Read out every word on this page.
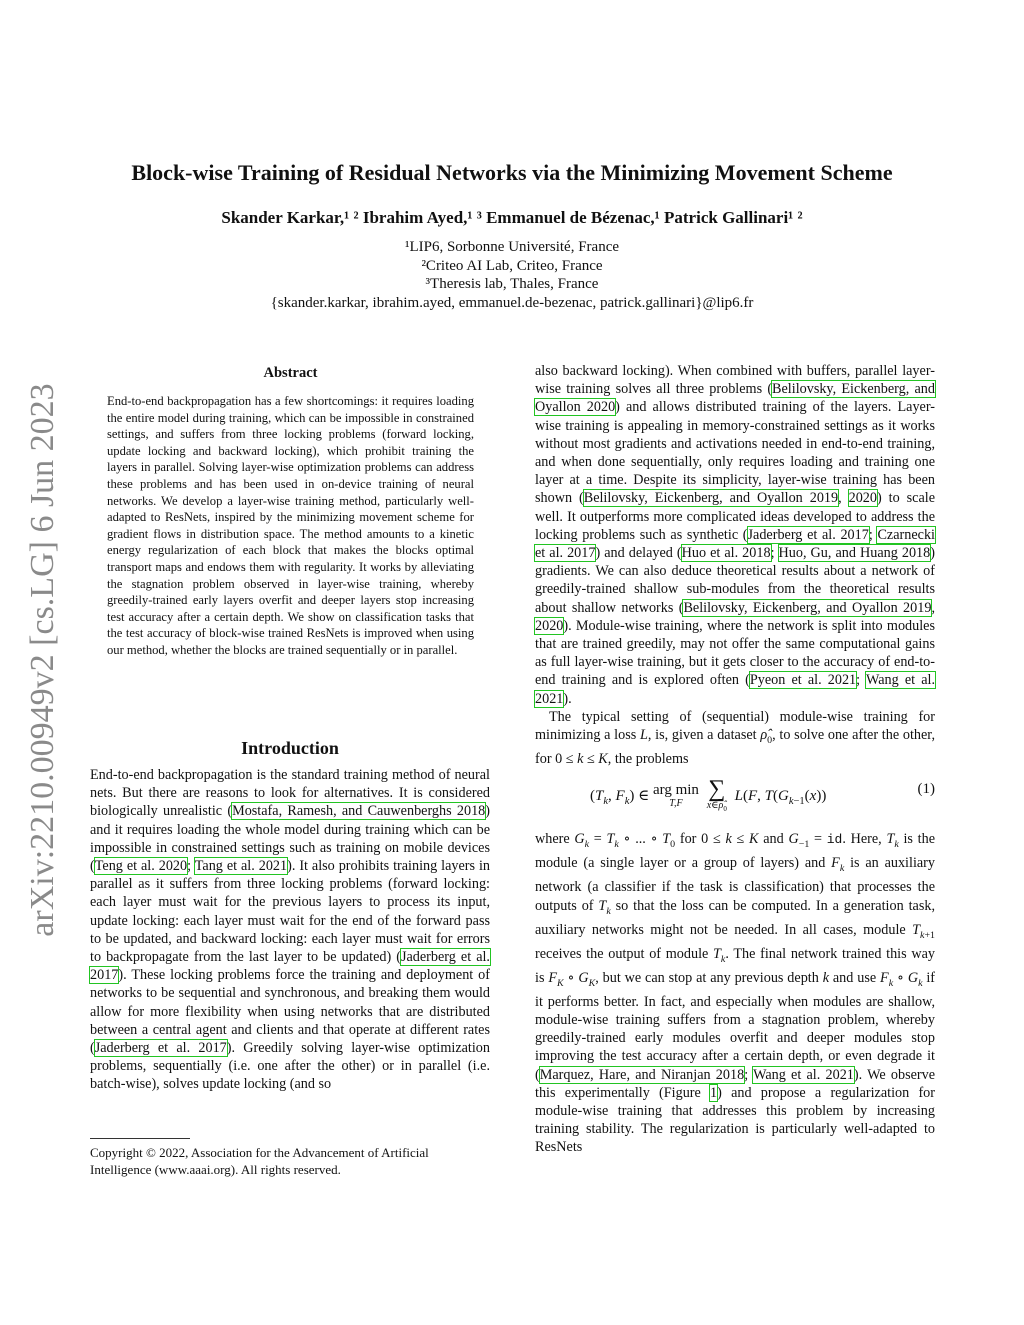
Block-wise Training of Residual Networks via the Minimizing Movement Scheme
Skander Karkar,¹ ² Ibrahim Ayed,¹ ³ Emmanuel de Bézenac,¹ Patrick Gallinari¹ ²
¹LIP6, Sorbonne Université, France
²Criteo AI Lab, Criteo, France
³Theresis lab, Thales, France
{skander.karkar, ibrahim.ayed, emmanuel.de-bezenac, patrick.gallinari}@lip6.fr
arXiv:2210.00949v2 [cs.LG] 6 Jun 2023
Abstract
End-to-end backpropagation has a few shortcomings: it requires loading the entire model during training, which can be impossible in constrained settings, and suffers from three locking problems (forward locking, update locking and backward locking), which prohibit training the layers in parallel. Solving layer-wise optimization problems can address these problems and has been used in on-device training of neural networks. We develop a layer-wise training method, particularly well-adapted to ResNets, inspired by the minimizing movement scheme for gradient flows in distribution space. The method amounts to a kinetic energy regularization of each block that makes the blocks optimal transport maps and endows them with regularity. It works by alleviating the stagnation problem observed in layer-wise training, whereby greedily-trained early layers overfit and deeper layers stop increasing test accuracy after a certain depth. We show on classification tasks that the test accuracy of block-wise trained ResNets is improved when using our method, whether the blocks are trained sequentially or in parallel.
Introduction

End-to-end backpropagation is the standard training method of neural nets. But there are reasons to look for alternatives. It is considered biologically unrealistic (Mostafa, Ramesh, and Cauwenberghs 2018) and it requires loading the whole model during training which can be impossible in constrained settings such as training on mobile devices (Teng et al. 2020; Tang et al. 2021). It also prohibits training layers in parallel as it suffers from three locking problems (forward locking: each layer must wait for the previous layers to process its input, update locking: each layer must wait for the end of the forward pass to be updated, and backward locking: each layer must wait for errors to backpropagate from the last layer to be updated) (Jaderberg et al. 2017). These locking problems force the training and deployment of networks to be sequential and synchronous, and breaking them would allow for more flexibility when using networks that are distributed between a central agent and clients and that operate at different rates (Jaderberg et al. 2017). Greedily solving layer-wise optimization problems, sequentially (i.e. one after the other) or in parallel (i.e. batch-wise), solves update locking (and so

also backward locking). When combined with buffers, parallel layer-wise training solves all three problems (Belilovsky, Eickenberg, and Oyallon 2020) and allows distributed training of the layers. Layer-wise training is appealing in memory-constrained settings as it works without most gradients and activations needed in end-to-end training, and when done sequentially, only requires loading and training one layer at a time. Despite its simplicity, layer-wise training has been shown (Belilovsky, Eickenberg, and Oyallon 2019, 2020) to scale well. It outperforms more complicated ideas developed to address the locking problems such as synthetic (Jaderberg et al. 2017; Czarnecki et al. 2017) and delayed (Huo et al. 2018; Huo, Gu, and Huang 2018) gradients. We can also deduce theoretical results about a network of greedily-trained shallow sub-modules from the theoretical results about shallow networks (Belilovsky, Eickenberg, and Oyallon 2019, 2020). Module-wise training, where the network is split into modules that are trained greedily, may not offer the same computational gains as full layer-wise training, but it gets closer to the accuracy of end-to-end training and is explored often (Pyeon et al. 2021; Wang et al. 2021).

The typical setting of (sequential) module-wise training for minimizing a loss L, is, given a dataset $\rhô_0$, to solve one after the other, for 0 ≤ k ≤ K, the problems

($T_k$, $F_k$) ∈ arg min
T,F

∑
$x\in\rhô_0$
L(F, $T(G_{k-1}(x))$	(1)

where $G_k = T_k$ ∘ ... ∘ $T_0$ for 0 ≤ k ≤ K and $G_{-1}$ = id. Here, $T_k$ is the module (a single layer or a group of layers) and $F_k$ is an auxiliary network (a classifier if the task is classification) that processes the outputs of $T_k$ so that the loss can be computed. In a generation task, auxiliary networks might not be needed. In all cases, module $T_{k+1}$ receives the output of module $T_k$. The final network trained this way is $F_K$ ∘ $G_K$, but we can stop at any previous depth k and use $F_k$ ∘ $G_k$ if it performs better. In fact, and especially when modules are shallow, module-wise training suffers from a stagnation problem, whereby greedily-trained early modules overfit and deeper modules stop improving the test accuracy after a certain depth, or even degrade it (Marquez, Hare, and Niranjan 2018; Wang et al. 2021). We observe this experimentally (Figure 1) and propose a regularization for module-wise training that addresses this problem by increasing training stability. The regularization is particularly well-adapted to ResNets

Copyright © 2022, Association for the Advancement of Artificial Intelligence (www.aaai.org). All rights reserved.
